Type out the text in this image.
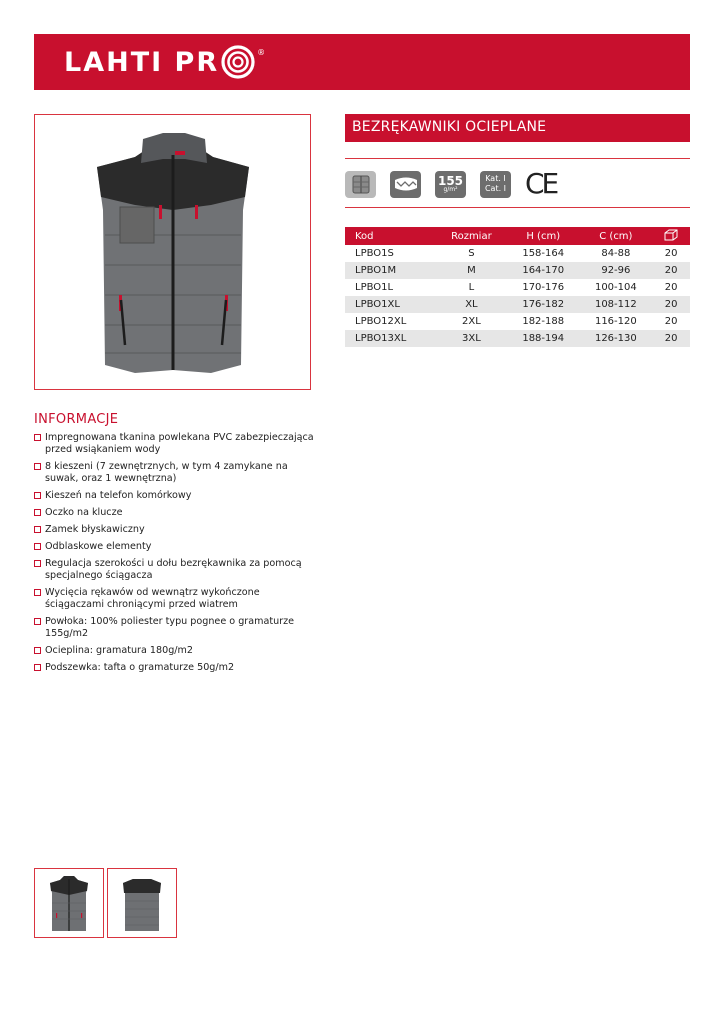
LAHTI PR	®
BEZRĘKAWNIKI OCIEPLANE
155
g/m²
Kat. I
Cat. I CE
Kod	Rozmiar	H (cm)	C (cm)	
LPBO1S	S	158-164	84-88	20
LPBO1M	M	164-170	92-96	20
LPBO1L	L	170-176	100-104	20
LPBO1XL	XL	176-182	108-112	20
LPBO12XL	2XL	182-188	116-120	20
LPBO13XL	3XL	188-194	126-130	20
INFORMACJE
Impregnowana tkanina powlekana PVC zabezpieczająca przed wsiąkaniem wody
8 kieszeni (7 zewnętrznych, w tym 4 zamykane na suwak, oraz 1 wewnętrzna)
Kieszeń na telefon komórkowy
Oczko na klucze
Zamek błyskawiczny
Odblaskowe elementy
Regulacja szerokości u dołu bezrękawnika za pomocą specjalnego ściągacza
Wycięcia rękawów od wewnątrz wykończone ściągaczami chroniącymi przed wiatrem
Powłoka: 100% poliester typu pognee o gramaturze 155g/m2
Ocieplina: gramatura 180g/m2
Podszewka: tafta o gramaturze 50g/m2
